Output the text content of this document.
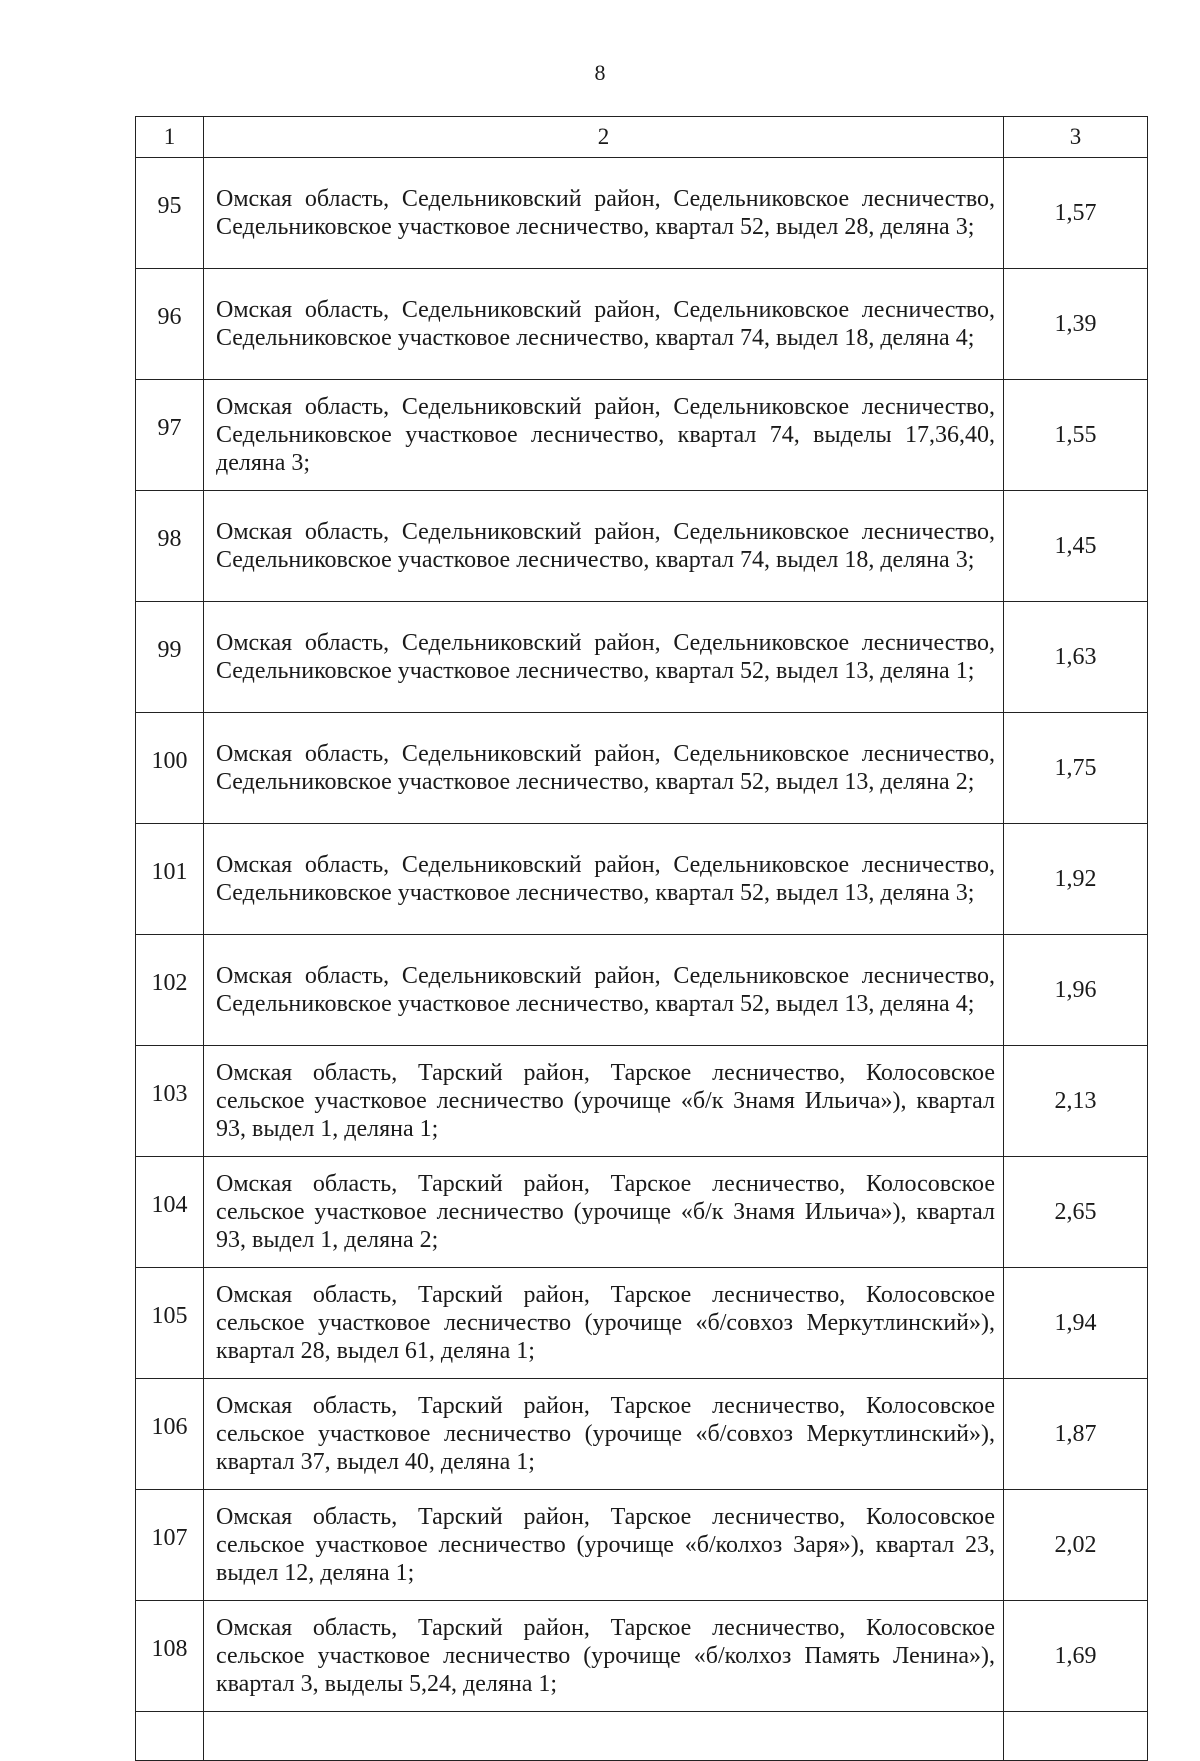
8
1	2	3
95	Омская область, Седельниковский район, Седельниковское лесничество, Седельниковское участковое лесничество, квартал 52, выдел 28, деляна 3;	1,57
96	Омская область, Седельниковский район, Седельниковское лесничество, Седельниковское участковое лесничество, квартал 74, выдел 18, деляна 4;	1,39
97	Омская область, Седельниковский район, Седельниковское лесничество, Седельниковское участковое лесничество, квартал 74, выделы 17,36,40, деляна 3;	1,55
98	Омская область, Седельниковский район, Седельниковское лесничество, Седельниковское участковое лесничество, квартал 74, выдел 18, деляна 3;	1,45
99	Омская область, Седельниковский район, Седельниковское лесничество, Седельниковское участковое лесничество, квартал 52, выдел 13, деляна 1;	1,63
100	Омская область, Седельниковский район, Седельниковское лесничество, Седельниковское участковое лесничество, квартал 52, выдел 13, деляна 2;	1,75
101	Омская область, Седельниковский район, Седельниковское лесничество, Седельниковское участковое лесничество, квартал 52, выдел 13, деляна 3;	1,92
102	Омская область, Седельниковский район, Седельниковское лесничество, Седельниковское участковое лесничество, квартал 52, выдел 13, деляна 4;	1,96
103	Омская область, Тарский район, Тарское лесничество, Колосовское сельское участковое лесничество (урочище «б/к Знамя Ильича»), квартал 93, выдел 1, деляна 1;	2,13
104	Омская область, Тарский район, Тарское лесничество, Колосовское сельское участковое лесничество (урочище «б/к Знамя Ильича»), квартал 93, выдел 1, деляна 2;	2,65
105	Омская область, Тарский район, Тарское лесничество, Колосовское сельское участковое лесничество (урочище «б/совхоз Меркутлинский»), квартал 28, выдел 61, деляна 1;	1,94
106	Омская область, Тарский район, Тарское лесничество, Колосовское сельское участковое лесничество (урочище «б/совхоз Меркутлинский»), квартал 37, выдел 40, деляна 1;	1,87
107	Омская область, Тарский район, Тарское лесничество, Колосовское сельское участковое лесничество (урочище «б/колхоз Заря»), квартал 23, выдел 12, деляна 1;	2,02
108	Омская область, Тарский район, Тарское лесничество, Колосовское сельское участковое лесничество (урочище «б/колхоз Память Ленина»), квартал 3, выделы 5,24, деляна 1;	1,69
